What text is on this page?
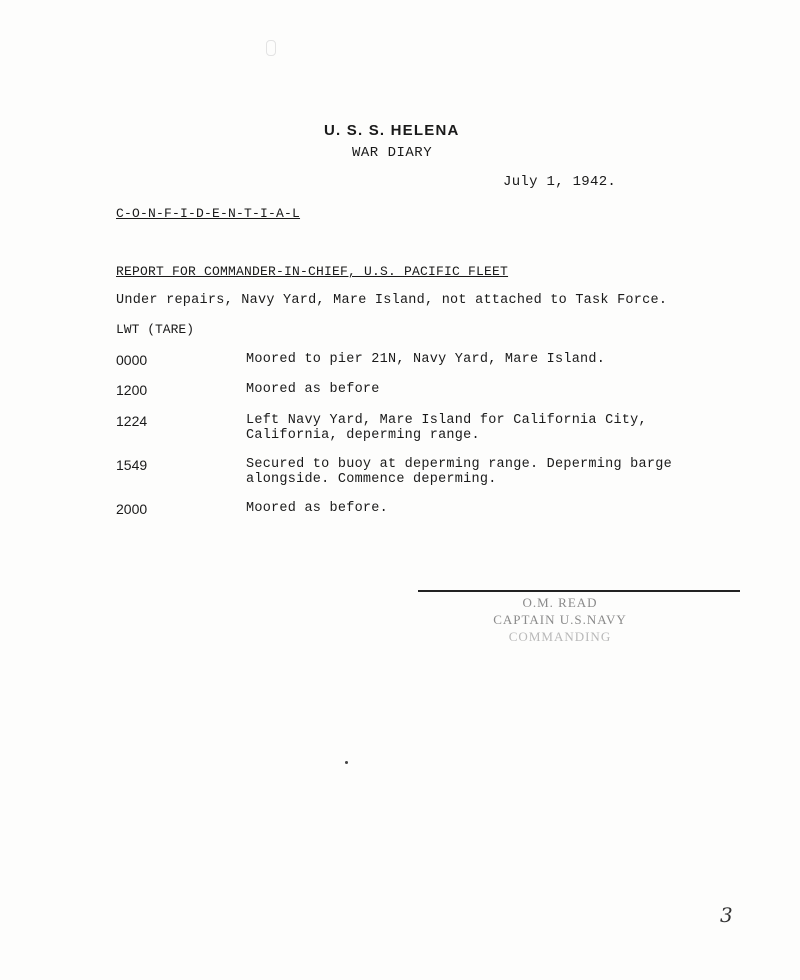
U. S. S. HELENA
WAR DIARY
July 1, 1942.
C-O-N-F-I-D-E-N-T-I-A-L
REPORT FOR COMMANDER-IN-CHIEF, U.S. PACIFIC FLEET
Under repairs, Navy Yard, Mare Island, not attached to Task Force.
LWT (TARE)
0000	Moored to pier 21N, Navy Yard, Mare Island.
1200	Moored as before
1224	Left Navy Yard, Mare Island for California City, California, deperming range.
1549	Secured to buoy at deperming range. Deperming barge alongside. Commence deperming.
2000	Moored as before.
O.M. READ
CAPTAIN U.S.NAVY
COMMANDING
3
